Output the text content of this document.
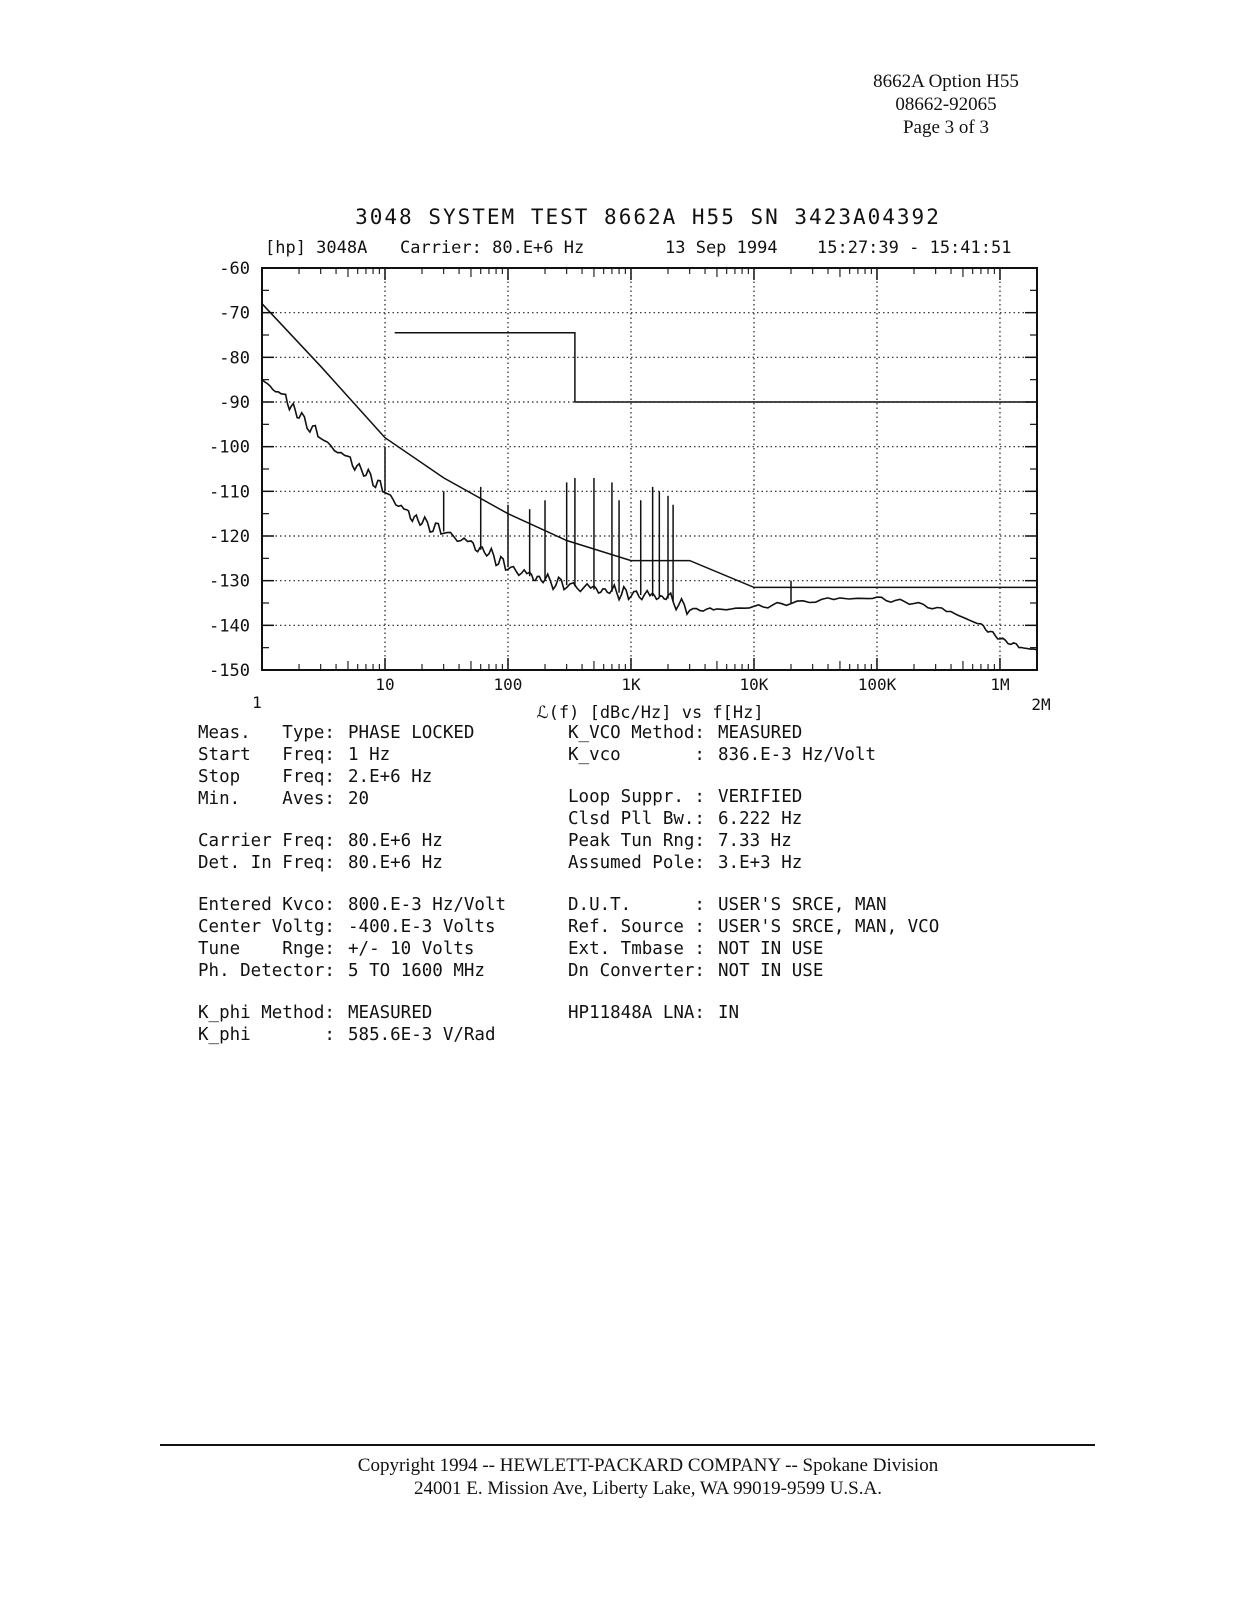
8662A Option H55
08662-92065
Page 3 of 3
3048 SYSTEM TEST 8662A H55 SN 3423A04392

[hp] 3048A

Carrier: 80.E+6 Hz

	13 Sep 1994

15:27:39 - 15:41:51

-60
-70
-80
-90
-100
-110
-120
-130
-140
-150
10	100	1K	10K	100K	1M
1	2M
ℒ(f) [dBc/Hz] vs f[Hz]
Meas.   Type: PHASE LOCKED
Start   Freq: 1 Hz
Stop    Freq: 2.E+6 Hz
Min.    Aves: 20
Carrier Freq: 80.E+6 Hz
Det. In Freq: 80.E+6 Hz
Entered Kvco: 800.E-3 Hz/Volt
Center Voltg: -400.E-3 Volts
Tune    Rnge: +/- 10 Volts
Ph. Detector: 5 TO 1600 MHz
K_phi Method: MEASURED
K_phi       : 585.6E-3 V/Rad
K_VCO Method: MEASURED
K_vco       : 836.E-3 Hz/Volt
Loop Suppr. : VERIFIED
Clsd Pll Bw.: 6.222 Hz
Peak Tun Rng: 7.33 Hz
Assumed Pole: 3.E+3 Hz
D.U.T.      : USER'S SRCE, MAN
Ref. Source : USER'S SRCE, MAN, VCO
Ext. Tmbase : NOT IN USE
Dn Converter: NOT IN USE
HP11848A LNA: IN
Copyright 1994 -- HEWLETT-PACKARD COMPANY -- Spokane Division
24001 E. Mission Ave, Liberty Lake, WA 99019-9599 U.S.A.
